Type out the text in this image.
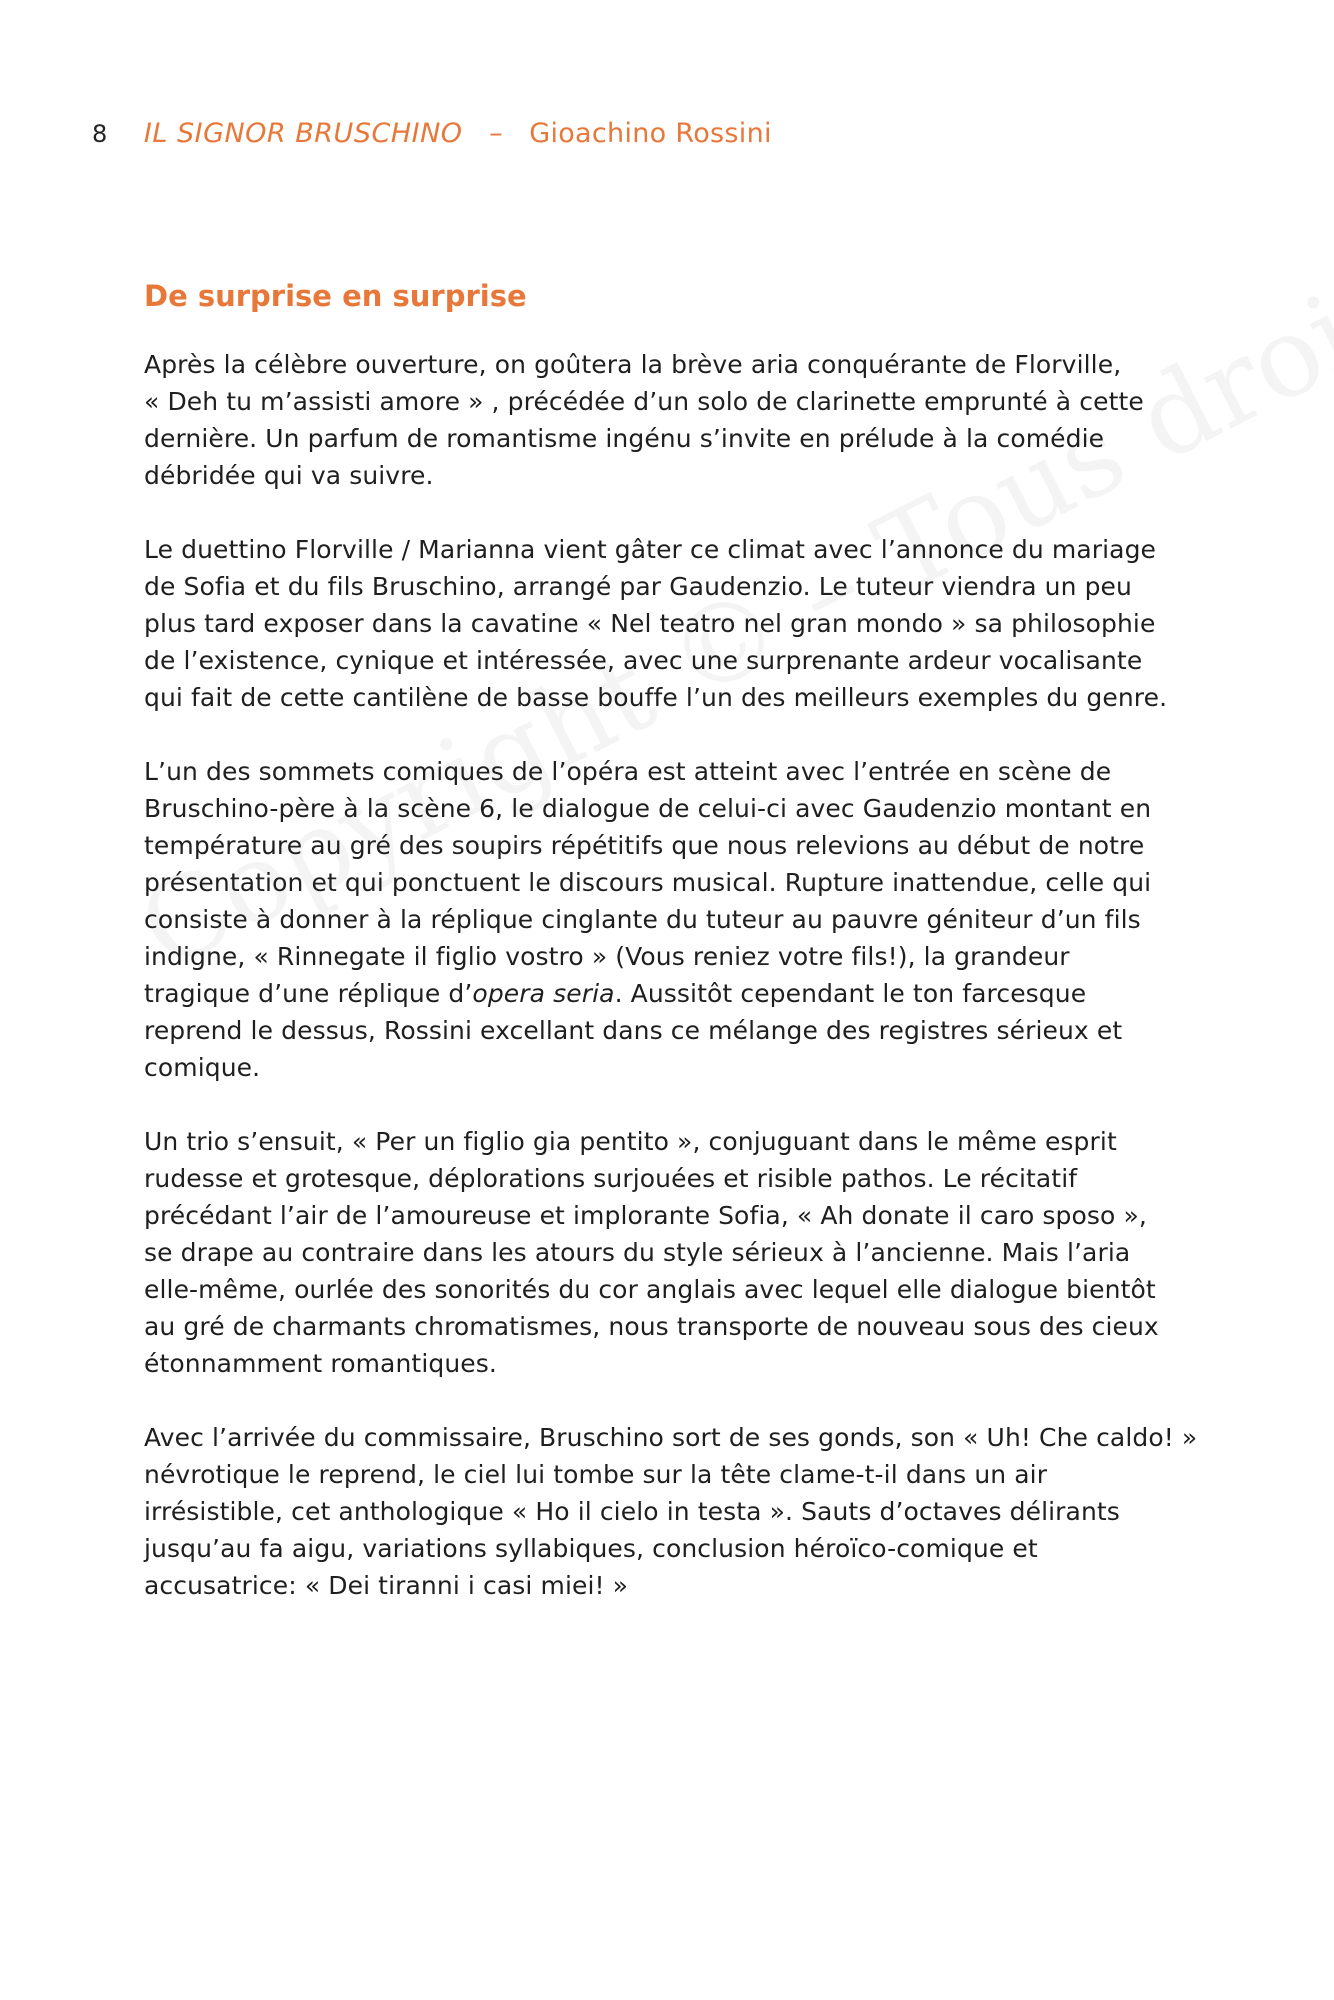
8 IL SIGNOR BRUSCHINO – Gioachino Rossini
De surprise en surprise

Après la célèbre ouverture, on goûtera la brève aria conquérante de Florville,
« Deh tu m’assisti amore » , précédée d’un solo de clarinette emprunté à cette
dernière. Un parfum de romantisme ingénu s’invite en prélude à la comédie
débridée qui va suivre.

Le duettino Florville / Marianna vient gâter ce climat avec l’annonce du mariage
de Sofia et du fils Bruschino, arrangé par Gaudenzio. Le tuteur viendra un peu
plus tard exposer dans la cavatine « Nel teatro nel gran mondo » sa philosophie
de l’existence, cynique et intéressée, avec une surprenante ardeur vocalisante
qui fait de cette cantilène de basse bouffe l’un des meilleurs exemples du genre.

L’un des sommets comiques de l’opéra est atteint avec l’entrée en scène de
Bruschino-père à la scène 6, le dialogue de celui-ci avec Gaudenzio montant en
température au gré des soupirs répétitifs que nous relevions au début de notre
présentation et qui ponctuent le discours musical. Rupture inattendue, celle qui
consiste à donner à la réplique cinglante du tuteur au pauvre géniteur d’un fils
indigne, « Rinnegate il figlio vostro » (Vous reniez votre fils!), la grandeur
tragique d’une réplique d’opera seria. Aussitôt cependant le ton farcesque
reprend le dessus, Rossini excellant dans ce mélange des registres sérieux et
comique.

Un trio s’ensuit, « Per un figlio gia pentito », conjuguant dans le même esprit
rudesse et grotesque, déplorations surjouées et risible pathos. Le récitatif
précédant l’air de l’amoureuse et implorante Sofia, « Ah donate il caro sposo »,
se drape au contraire dans les atours du style sérieux à l’ancienne. Mais l’aria
elle-même, ourlée des sonorités du cor anglais avec lequel elle dialogue bientôt
au gré de charmants chromatismes, nous transporte de nouveau sous des cieux
étonnamment romantiques.

Avec l’arrivée du commissaire, Bruschino sort de ses gonds, son « Uh! Che caldo! »
névrotique le reprend, le ciel lui tombe sur la tête clame-t-il dans un air
irrésistible, cet anthologique « Ho il cielo in testa ». Sauts d’octaves délirants
jusqu’au fa aigu, variations syllabiques, conclusion héroïco-comique et
accusatrice: « Dei tiranni i casi miei! »
